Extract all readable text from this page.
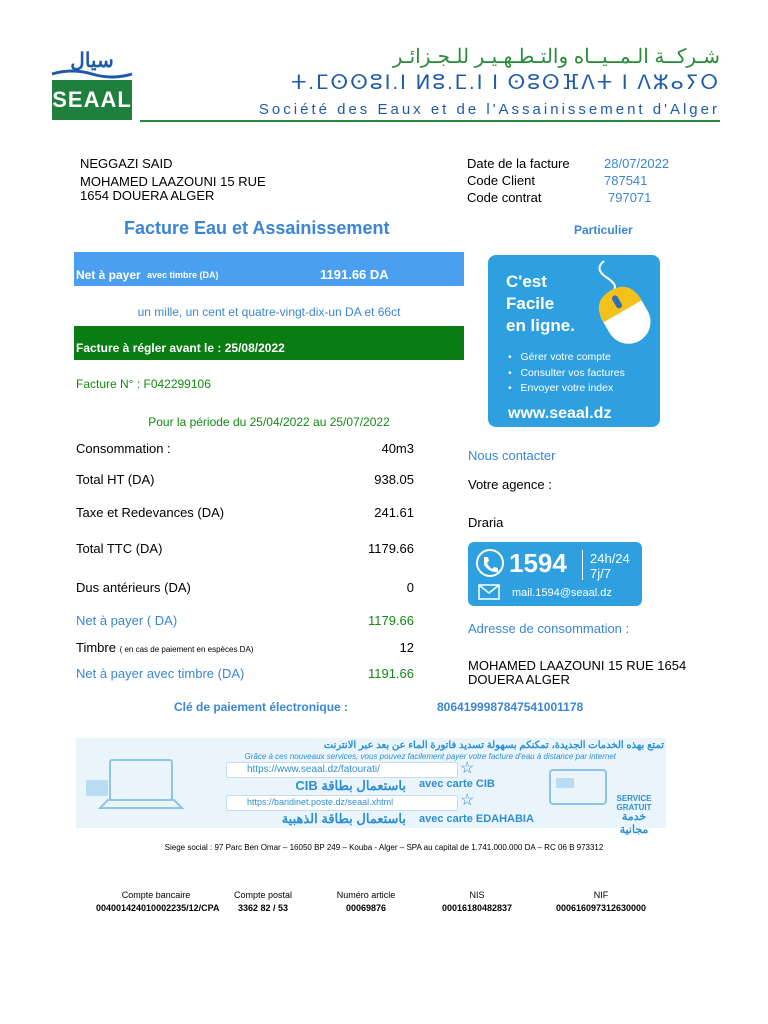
سيال
SEAAL
شـركــة الـمــيــاه والتـطـهـيـر للـجـزائـر
ⵜ.ⵎⵙⵙⵓⵏ.ⵏ ⵍⵓ.ⵎ.ⵏ ⵏ ⵙⵓⵙⴼⴷⵜ ⵏ ⴷⵣⴰⵢⵔ
Société des Eaux et de l'Assainissement d'Alger
NEGGAZI SAID
MOHAMED LAAZOUNI 15 RUE
1654 DOUERA ALGER
Date de la facture	28/07/2022
Code Client	787541
Code contrat	797071
Facture Eau et Assainissement	Particulier
Net à payer avec timbre (DA)	1191.66 DA
un mille, un cent et quatre-vingt-dix-un DA et 66ct
Facture à régler avant le : 25/08/2022
Facture N° : F042299106
Pour la période du 25/04/2022 au 25/07/2022
Consommation :	40m3
Total HT (DA)	938.05
Taxe et Redevances (DA)	241.61
Total TTC (DA)	1179.66
Dus antérieurs (DA)	0
Net à payer ( DA)	1179.66
Timbre ( en cas de paiement en espèces DA)	12
Net à payer avec timbre (DA)	1191.66
Clé de paiement électronique :	80641999878475410011​78
C'est
Facile
en ligne.
•   Gérer votre compte
•   Consulter vos factures
•   Envoyer votre index
www.seaal.dz
Nous contacter
Votre agence :
Draria
1594 24h/24
7j/7
mail.1594@seaal.dz
Adresse de consommation :
MOHAMED LAAZOUNI 15 RUE 1654
DOUERA ALGER
تمتع بهذه الخدمات الجديدة، تمكنكم بسهولة تسديد فاتورة الماء عن بعد عبر الانترنت
Grâce à ces nouveaux services, vous pouvez facilement payer votre facture d'eau à distance par internet
https://www.seaal.dz/fatourati/	☆
باستعمال بطاقة CIB avec carte CIB
https://baridinet.poste.dz/seaal.xhtml	☆
باستعمال بطاقة الذهبية avec carte EDAHABIA
SERVICE GRATUIT
خدمة مجانية
Siege social : 97 Parc Ben Omar – 16050 BP 249 – Kouba - Alger – SPA au capital de 1.741.000.000 DA – RC 06 B 973312
Compte bancaire
004001424010002235/12/CPA
Compte postal
3362 82 / 53
Numéro article
00069876
NIS
00016180482837
NIF
000616097312630000
